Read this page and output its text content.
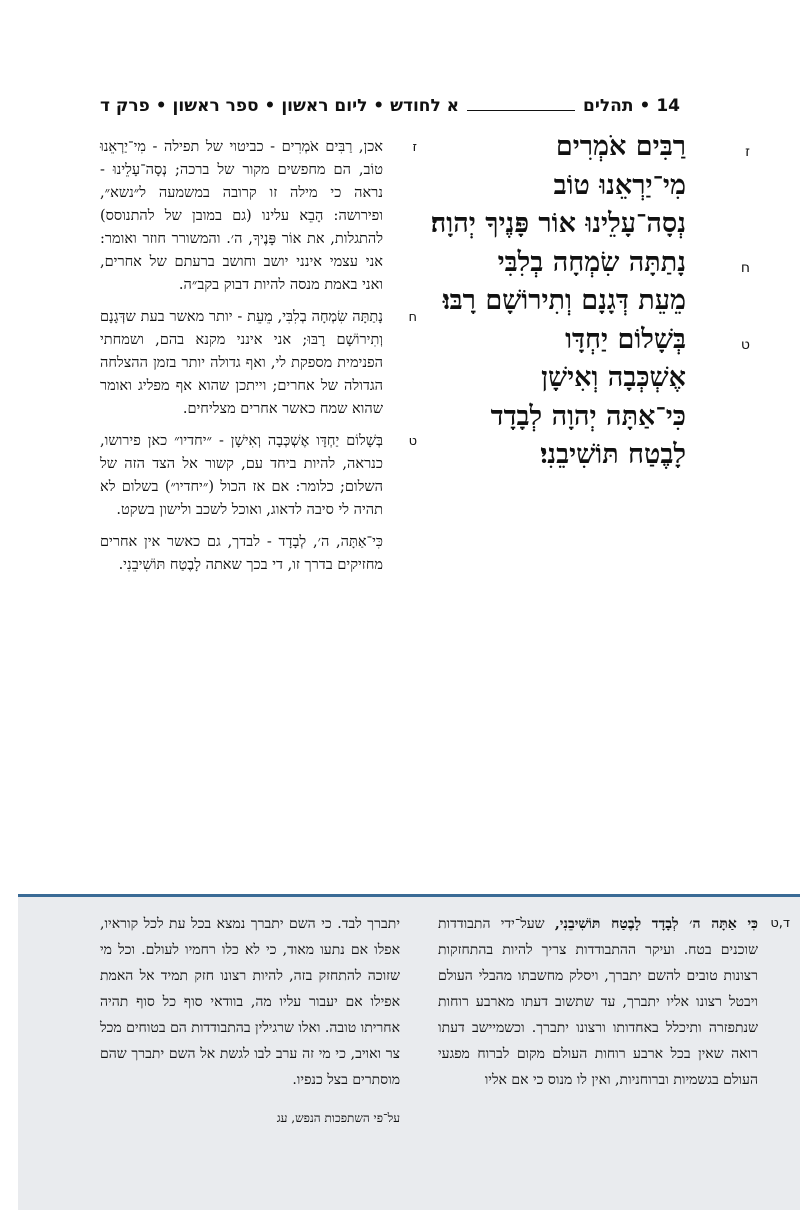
14
•
תהלים
א לחודש • ליום ראשון • ספר ראשון • פרק ד
ז
רַבִּים אֹמְרִים
מִי־יַרְאֵנוּ טוֹב
נְסָה־עָלֵינוּ אוֹר פָּנֶיךָ יְהוָה׃
ח
נָתַתָּה שִׂמְחָה בְלִבִּי
מֵעֵת דְּגָנָם וְתִירוֹשָׁם רָבּוּ׃
ט
בְּשָׁלוֹם יַחְדָּו
אֶשְׁכְּבָה וְאִישָׁן
כִּי־אַתָּה יְהוָה לְבָדָד
לָבֶטַח תּוֹשִׁיבֵנִי׃
ז
אכן, רַבִּים אֹמְרִים - כביטוי של תפילה - מִי־יַרְאֵנוּ טוֹב, הם מחפשים מקור של ברכה; נְסָה־עָלֵינוּ - נראה כי מילה זו קרובה במשמעה ל״נשא״, ופירושה: הָבֵא עלינו (גם במובן של להתנוסס) להתגלות, את אוֹר פָּנֶיךָ, ה׳. והמשורר חוזר ואומר: אני עצמי אינני יושב וחושב ברעתם של אחרים, ואני באמת מנסה להיות דבוק בקב״ה.
ח
נָתַתָּה שִׂמְחָה בְלִבִּי, מֵעֵת - יותר מאשר בעת שדְּגָנָם וְתִירוֹשָׁם רָבּוּ; אני אינני מקנא בהם, ושמחתי הפנימית מספקת לי, ואף גדולה יותר בזמן ההצלחה הגדולה של אחרים; וייתכן שהוא אף מפליג ואומר שהוא שמח כאשר אחרים מצליחים.
ט
בְּשָׁלוֹם יַחְדָּו אֶשְׁכְּבָה וְאִישָׁן - ״יחדיו״ כאן פירושו, כנראה, להיות ביחד עם, קשור אל הצד הזה של השלום; כלומר: אם אז הכול (״יחדיו״) בשלום לא תהיה לי סיבה לדאוג, ואוכל לשכב ולישון בשקט.
כִּי־אַתָּה, ה׳, לְבָדָד - לבדך, גם כאשר אין אחרים מחזיקים בדרך זו, די בכך שאתה לָבֶטַח תּוֹשִׁיבֵנִי.
ד,ט
כִּי אַתָּה ה׳ לְבָדָד לָבֶטַח תּוֹשִׁיבֵנִי, שעל־ידי התבודדות שוכנים בטח. ועיקר ההתבודדות צריך להיות בהתחזקות רצונות טובים להשם יתברך, ויסלק מחשבתו מהבלי העולם ויבטל רצונו אליו יתברך, עד שתשוב דעתו מארבע רוחות שנתפזרה ותיכלל באחדותו ורצונו יתברך. וכשמיישב דעתו רואה שאין בכל ארבע רוחות העולם מקום לברוח מפגעי העולם בגשמיות וברוחניות, ואין לו מנוס כי אם אליו
יתברך לבד. כי השם יתברך נמצא בכל עת לכל קוראיו, אפלו אם נתעו מאוד, כי לא כלו רחמיו לעולם. וכל מי שזוכה להתחזק בזה, להיות רצונו חזק תמיד אל האמת אפילו אם יעבור עליו מה, בוודאי סוף כל סוף תהיה אחריתו טובה. ואלו שרגילין בהתבודדות הם בטוחים מכל צר ואויב, כי מי זה ערב לבו לגשת אל השם יתברך שהם מוסתרים בצל כנפיו.
על־פי השתפכות הנפש, עג
